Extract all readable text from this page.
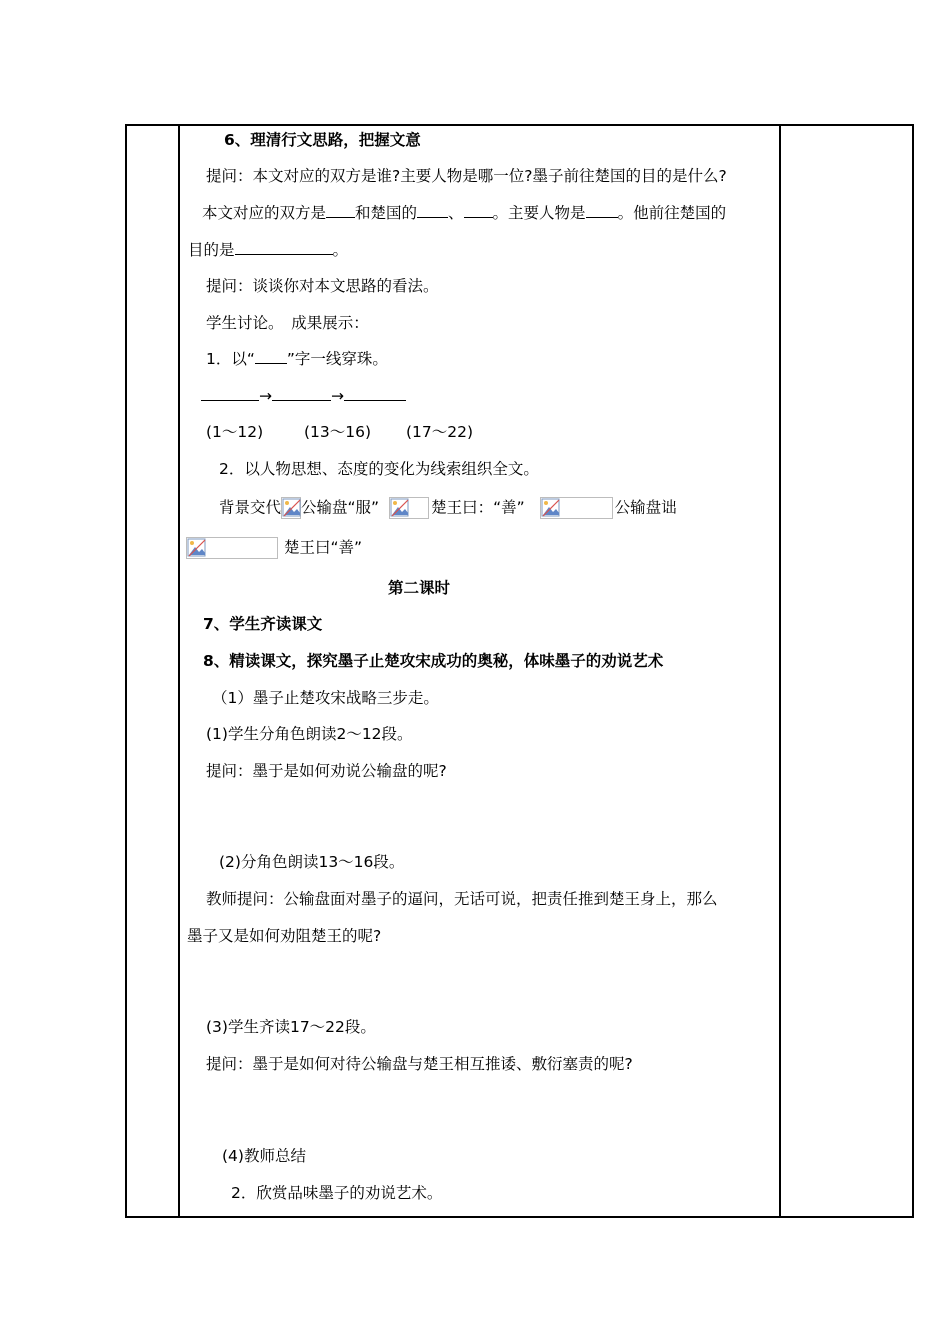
6、理清行文思路，把握文意
提问：本文对应的双方是谁?主要人物是哪一位?墨子前往楚国的目的是什么?
本文对应的双方是 和楚国的 、 。主要人物是 。他前往楚国的
目的是	。
提问：谈谈你对本文思路的看法。
学生讨论。　成果展示：
1．以“ ”字一线穿珠。
→	→
(1～12)	(13～16) (17～22)
2．以人物思想、态度的变化为线索组织全文。
背景交代 公输盘“服”	楚王曰：“善”	公输盘诎
楚王曰“善”
第二课时
7、学生齐读课文
8、精读课文，探究墨子止楚攻宋成功的奥秘，体味墨子的劝说艺术
（1）墨子止楚攻宋战略三步走。
(1)学生分角色朗读2～12段。
提问：墨于是如何劝说公输盘的呢?
(2)分角色朗读13～16段。
教师提问：公输盘面对墨子的逼问，无话可说，把责任推到楚王身上，那么
墨子又是如何劝阻楚王的呢?
(3)学生齐读17～22段。
提问：墨于是如何对待公输盘与楚王相互推诿、敷衍塞责的呢?
(4)教师总结
2．欣赏品味墨子的劝说艺术。
